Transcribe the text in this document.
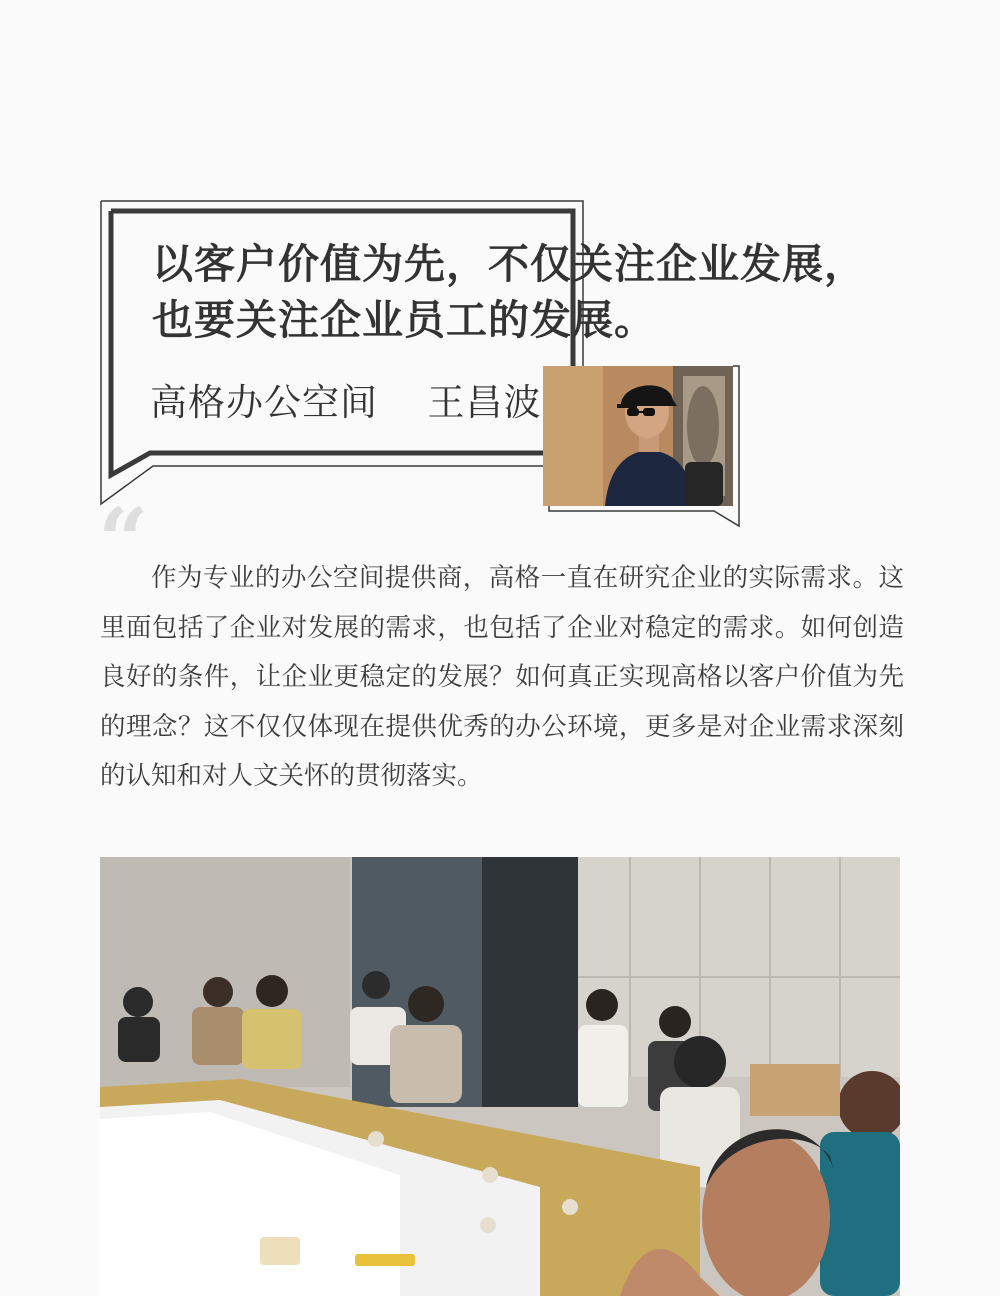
以客户价值为先，不仅关注企业发展，
也要关注企业员工的发展。
高格办公空间 王昌波
“ 作为专业的办公空间提供商，高格一直在研究企业的实际需求。这里面包括了企业对发展的需求，也包括了企业对稳定的需求。如何创造良好的条件，让企业更稳定的发展？如何真正实现高格以客户价值为先的理念？这不仅仅体现在提供优秀的办公环境，更多是对企业需求深刻的认知和对人文关怀的贯彻落实。
